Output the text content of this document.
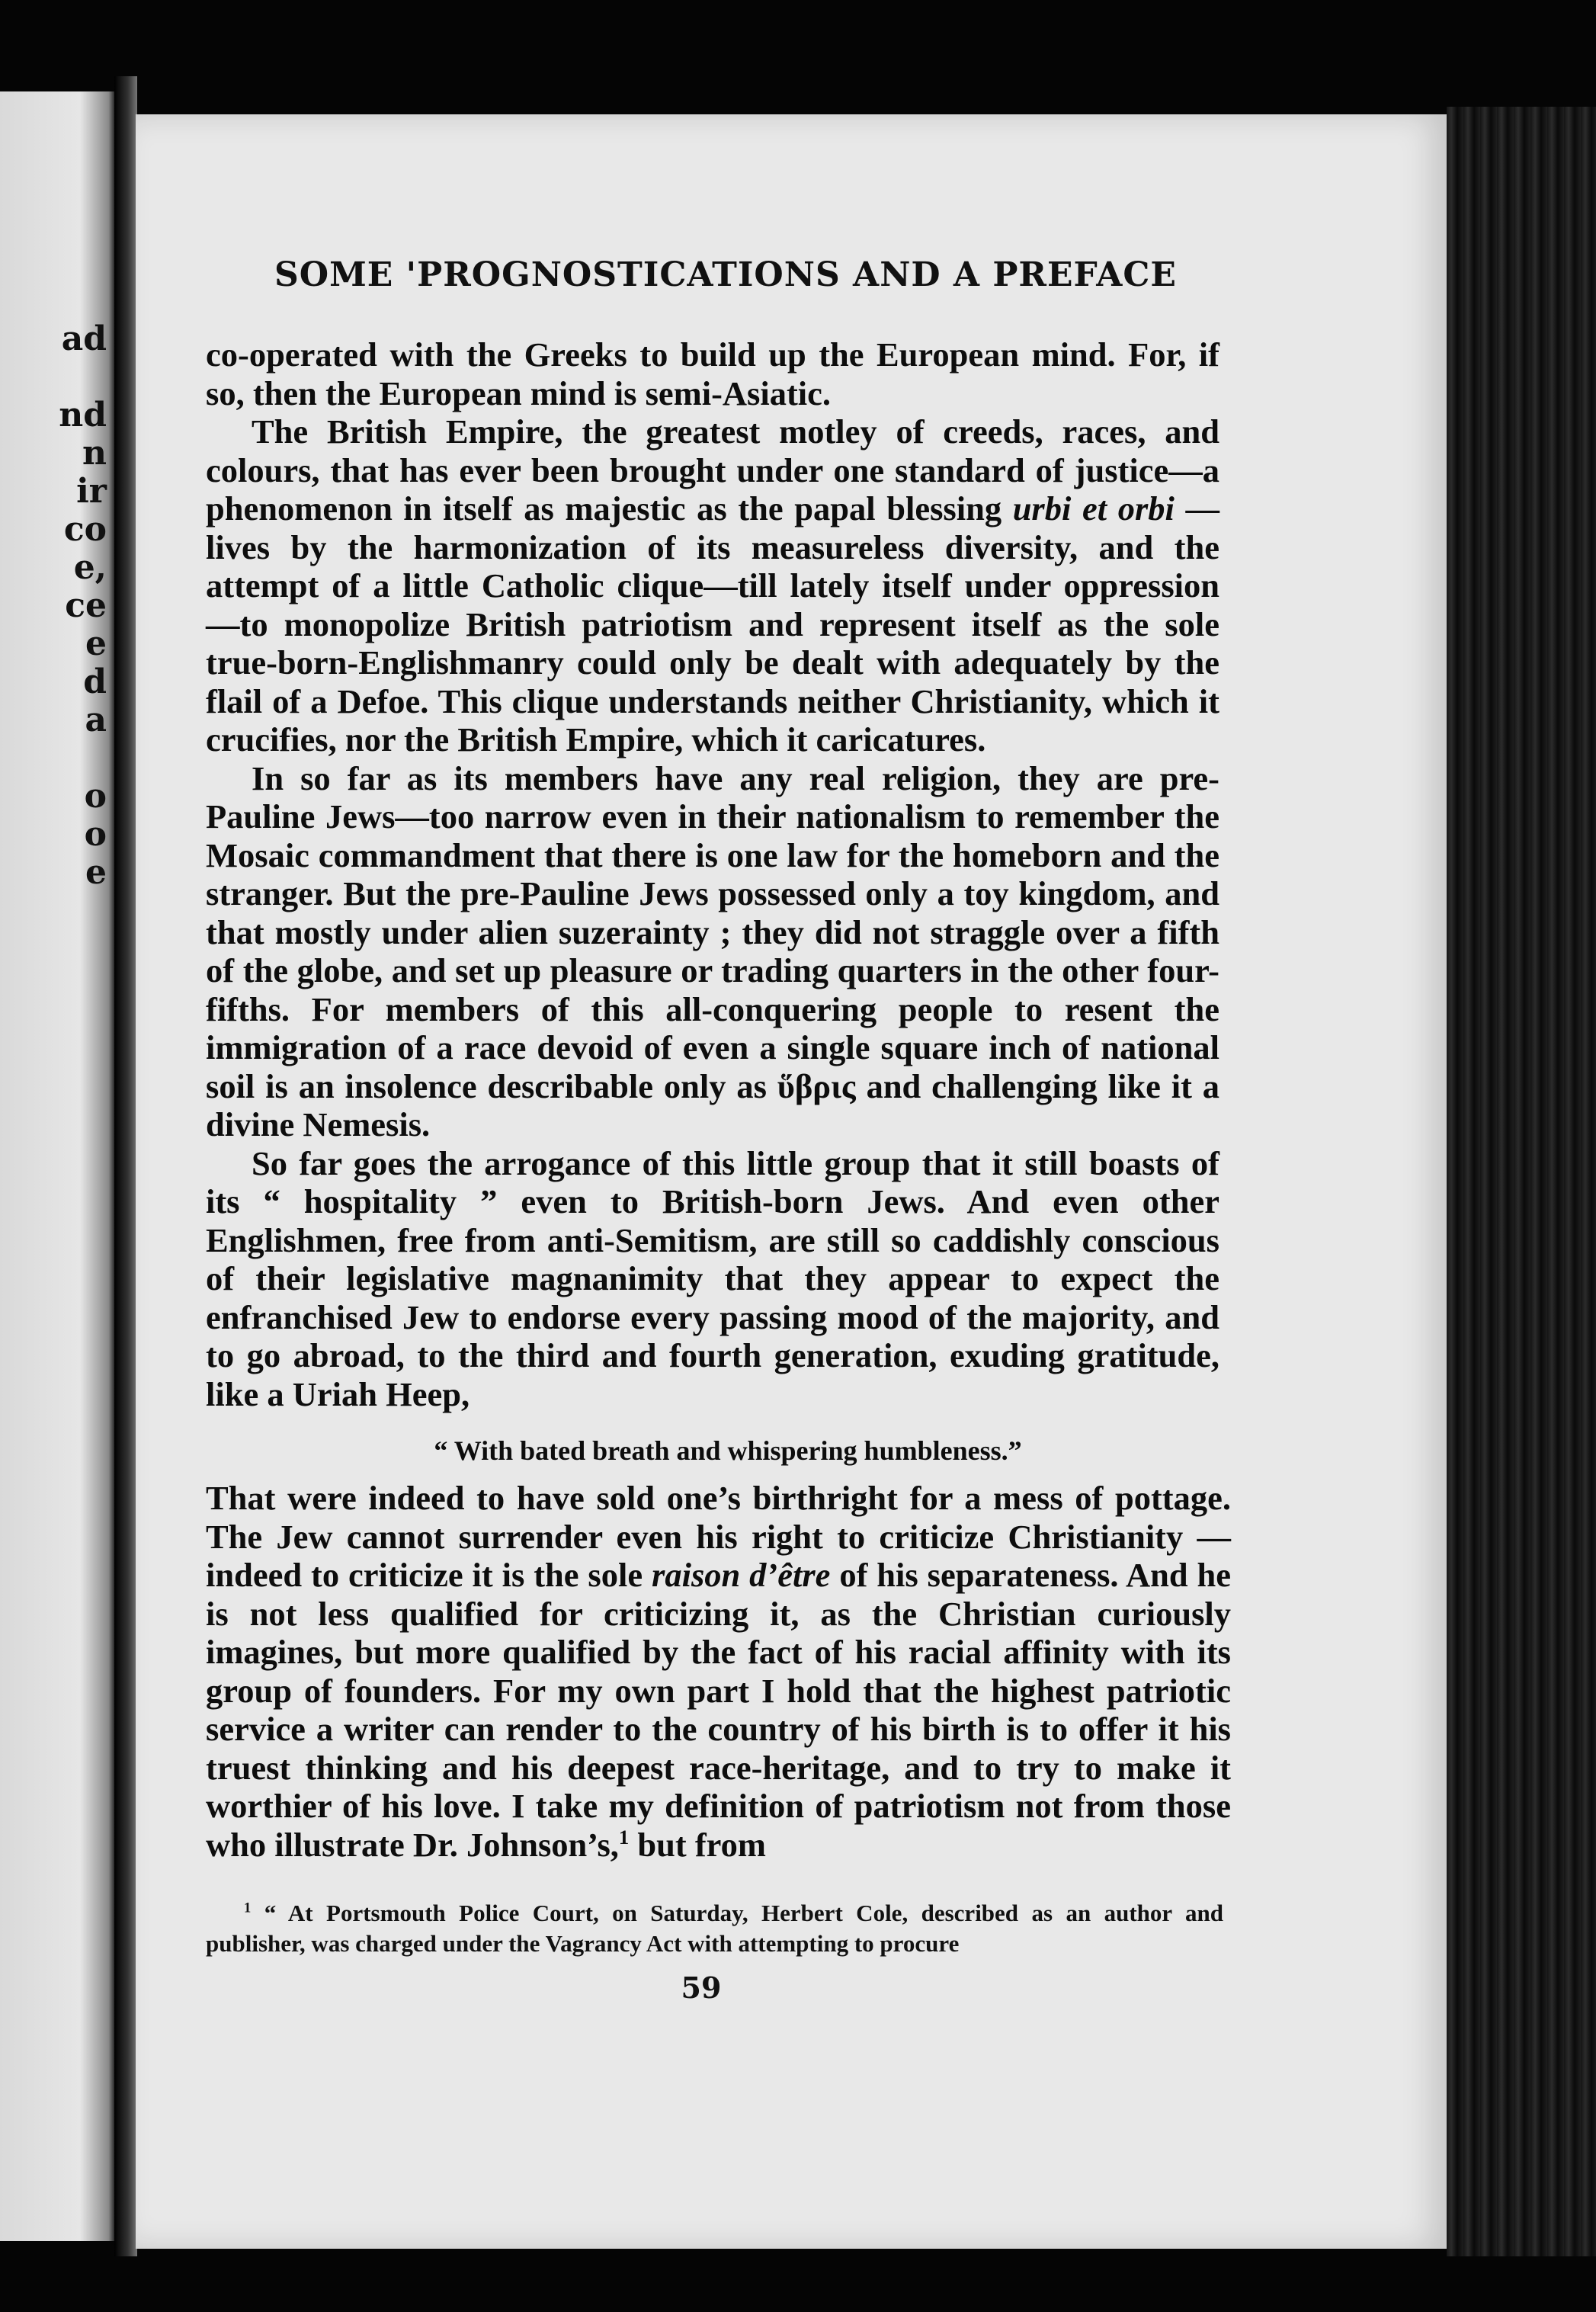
ad
nd
n
ir
co
e,
ce
e
d
a
o
o
e
SOME 'PROGNOSTICATIONS AND A PREFACE

co-operated with the Greeks to build up the European mind. For, if so, then the European mind is semi-Asiatic.

The British Empire, the greatest motley of creeds, races, and colours, that has ever been brought under one standard of justice—a phenomenon in itself as majestic as the papal blessing urbi et orbi —lives by the harmonization of its measureless diversity, and the attempt of a little Catholic clique—till lately itself under oppression —to monopolize British patriotism and represent itself as the sole true-born-Englishmanry could only be dealt with adequately by the flail of a Defoe. This clique understands neither Christianity, which it crucifies, nor the British Empire, which it caricatures.

In so far as its members have any real religion, they are pre-Pauline Jews—too narrow even in their nationalism to remember the Mosaic commandment that there is one law for the homeborn and the stranger. But the pre-Pauline Jews possessed only a toy kingdom, and that mostly under alien suzerainty ; they did not straggle over a fifth of the globe, and set up pleasure or trading quarters in the other four-fifths. For members of this all-conquering people to resent the immigration of a race devoid of even a single square inch of national soil is an insolence describable only as ὕβρις and challenging like it a divine Nemesis.

So far goes the arrogance of this little group that it still boasts of its “ hospitality ” even to British-born Jews. And even other Englishmen, free from anti-Semitism, are still so caddishly conscious of their legislative magnanimity that they appear to expect the enfranchised Jew to endorse every passing mood of the majority, and to go abroad, to the third and fourth generation, exuding gratitude, like a Uriah Heep,

“ With bated breath and whispering humbleness.”

That were indeed to have sold one’s birthright for a mess of pottage. The Jew cannot surrender even his right to criticize Christianity —indeed to criticize it is the sole raison d’être of his separateness. And he is not less qualified for criticizing it, as the Christian curiously imagines, but more qualified by the fact of his racial affinity with its group of founders. For my own part I hold that the highest patriotic service a writer can render to the country of his birth is to offer it his truest thinking and his deepest race-heritage, and to try to make it worthier of his love. I take my definition of patriotism not from those who illustrate Dr. Johnson’s,$^1$ but from

$^1$ “ At Portsmouth Police Court, on Saturday, Herbert Cole, described as an author and publisher, was charged under the Vagrancy Act with attempting to procure
59
